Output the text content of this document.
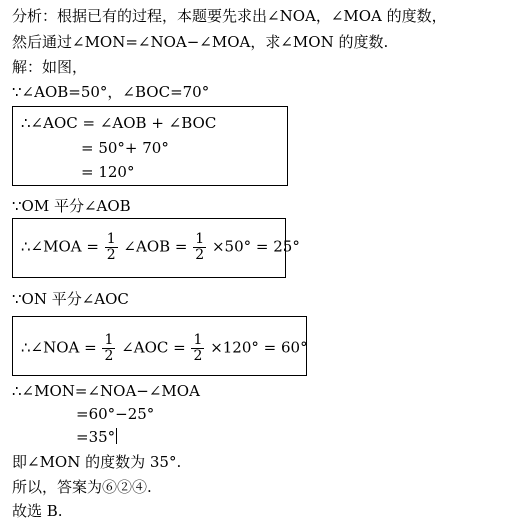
分析：根据已有的过程，本题要先求出∠NOA，∠MOA 的度数，
然后通过∠MON=∠NOA−∠MOA，求∠MON 的度数.
解：如图，
∵∠AOB=50°，∠BOC=70°
∴∠AOC = ∠AOB + ∠BOC
= 50°+ 70°
= 120°
∵OM 平分∠AOB
∴∠MOA = $\frac{1}{2}$ ∠AOB = $\frac{1}{2} \times 50^\circ = 25^\circ$
∵ON 平分∠AOC
∴∠NOA = $\frac{1}{2}$ ∠AOC = $\frac{1}{2} \times 120^\circ = 60^\circ$
∴∠MON=∠NOA−∠MOA
=60°−25°
=35°
即∠MON 的度数为 35°.
所以，答案为⑥②④.
故选 B.
